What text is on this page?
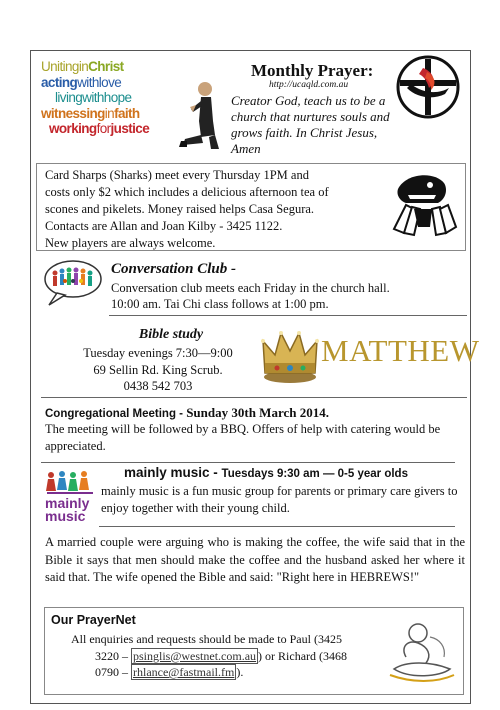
UnitinginChrist
actingwithlove
livingwithhope
witnessinginfaith
workingforjustice
Monthly Prayer:
http://ucaqld.com.au
Creator God, teach us to be a church that nurtures souls and grows faith. In Christ Jesus, Amen
Card Sharps (Sharks) meet every Thursday 1PM and
costs only $2 which includes a delicious afternoon tea of
scones and pikelets. Money raised helps Casa Segura.
Contacts are Allan and Joan Kilby - 3425 1122.
New players are always welcome.
Conversation Club -
Conversation club meets each Friday in the church hall.
10:00 am. Tai Chi class follows at 1:00 pm.
Bible study
Tuesday evenings 7:30—9:00
69 Sellin Rd. King Scrub.
0438 542 703
MATTHEW
Congregational Meeting - Sunday 30th March 2014.
The meeting will be followed by a BBQ. Offers of help with catering would be appreciated.
mainly
music
mainly music - Tuesdays 9:30 am — 0-5 year olds
mainly music is a fun music group for parents or primary care givers to enjoy together with their young child.
A married couple were arguing who is making the coffee, the wife said that in the Bible it says that men should make the coffee and the husband asked her where it said that. The wife opened the Bible and said: "Right here in HEBREWS!"
Our PrayerNet
All enquiries and requests should be made to Paul (3425
3220 – psinglis@westnet.com.au ) or Richard (3468
0790 – rhlance@fastmail.fm ).
